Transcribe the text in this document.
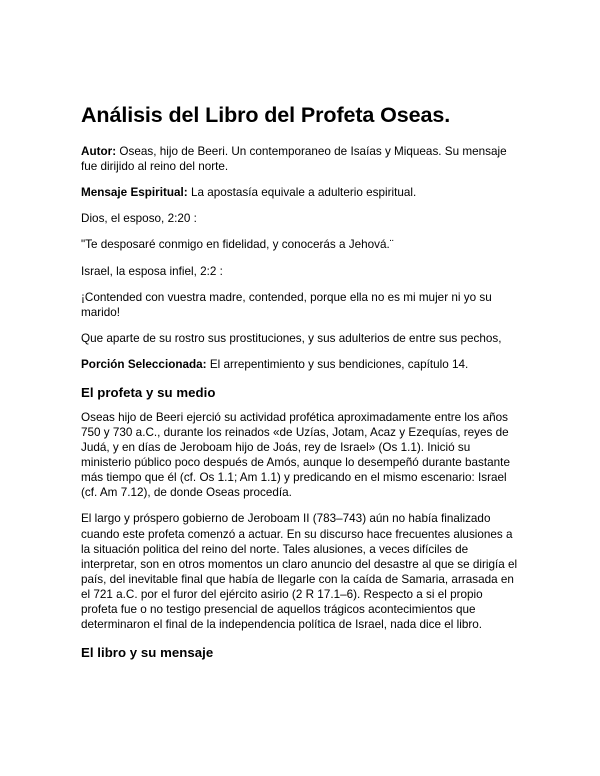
Análisis del Libro del Profeta Oseas.

Autor: Oseas, hijo de Beeri. Un contemporaneo de Isaías y Miqueas. Su mensaje fue dirijido al reino del norte.

Mensaje Espiritual: La apostasía equivale a adulterio espiritual.

Dios, el esposo, 2:20 :

"Te desposaré conmigo en fidelidad, y conocerás a Jehová.¨

Israel, la esposa infiel, 2:2 :

¡Contended con vuestra madre, contended, porque ella no es mi mujer ni yo su marido!

Que aparte de su rostro sus prostituciones, y sus adulterios de entre sus pechos,

Porción Seleccionada: El arrepentimiento y sus bendiciones, capítulo 14.

El profeta y su medio

Oseas hijo de Beeri ejerció su actividad profética aproximadamente entre los años 750 y 730 a.C., durante los reinados «de Uzías, Jotam, Acaz y Ezequías, reyes de Judá, y en días de Jeroboam hijo de Joás, rey de Israel» (Os 1.1). Inició su ministerio público poco después de Amós, aunque lo desempeñó durante bastante más tiempo que él (cf. Os 1.1; Am 1.1) y predicando en el mismo escenario: Israel (cf. Am 7.12), de donde Oseas procedía.

El largo y próspero gobierno de Jeroboam II (783–743) aún no había finalizado cuando este profeta comenzó a actuar. En su discurso hace frecuentes alusiones a la situación politica del reino del norte. Tales alusiones, a veces difíciles de interpretar, son en otros momentos un claro anuncio del desastre al que se dirigía el país, del inevitable final que había de llegarle con la caída de Samaria, arrasada en el 721 a.C. por el furor del ejército asirio (2 R 17.1–6). Respecto a si el propio profeta fue o no testigo presencial de aquellos trágicos acontecimientos que determinaron el final de la independencia política de Israel, nada dice el libro.

El libro y su mensaje
